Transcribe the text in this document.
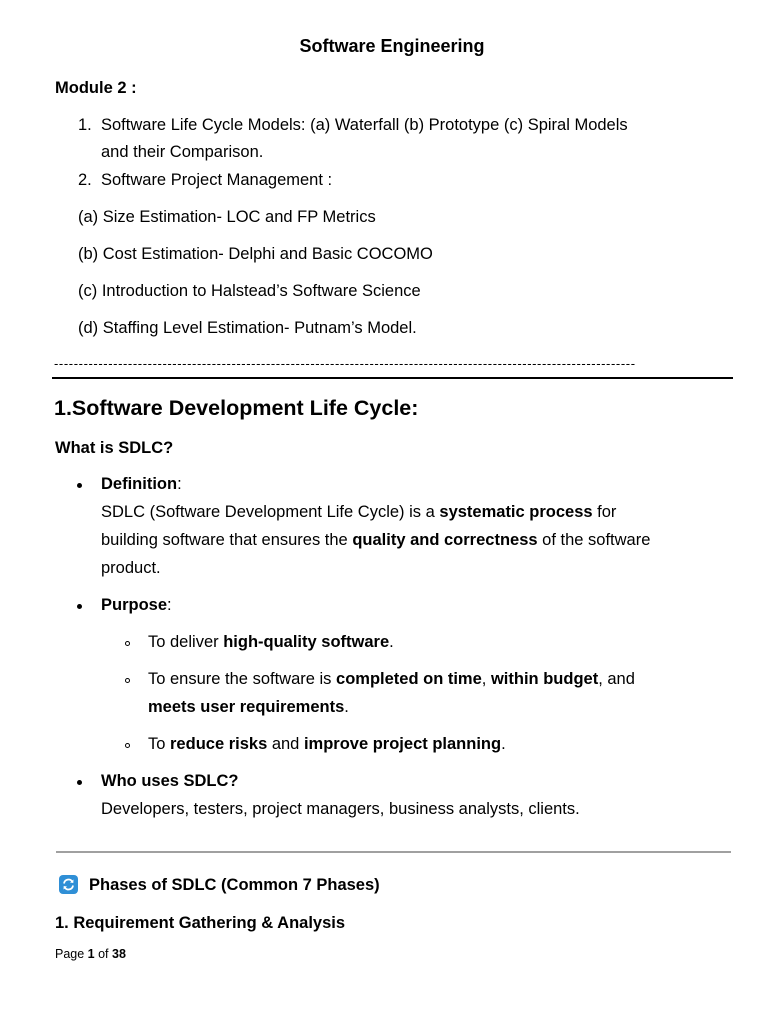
Software Engineering
Module 2 :
1. Software Life Cycle Models: (a) Waterfall (b) Prototype (c) Spiral Models
and their Comparison.
2. Software Project Management :
(a) Size Estimation- LOC and FP Metrics
(b) Cost Estimation- Delphi and Basic COCOMO
(c) Introduction to Halstead’s Software Science
(d) Staffing Level Estimation- Putnam’s Model.
----------------------------------------------------------------------------------------------------------------------
1.Software Development Life Cycle:
What is SDLC?
Definition:
SDLC (Software Development Life Cycle) is a systematic process for
building software that ensures the quality and correctness of the software
product.
Purpose:
To deliver high-quality software.
To ensure the software is completed on time, within budget, and
meets user requirements.
To reduce risks and improve project planning.
Who uses SDLC?
Developers, testers, project managers, business analysts, clients.
Phases of SDLC (Common 7 Phases)
1. Requirement Gathering & Analysis
Page 1 of 38
